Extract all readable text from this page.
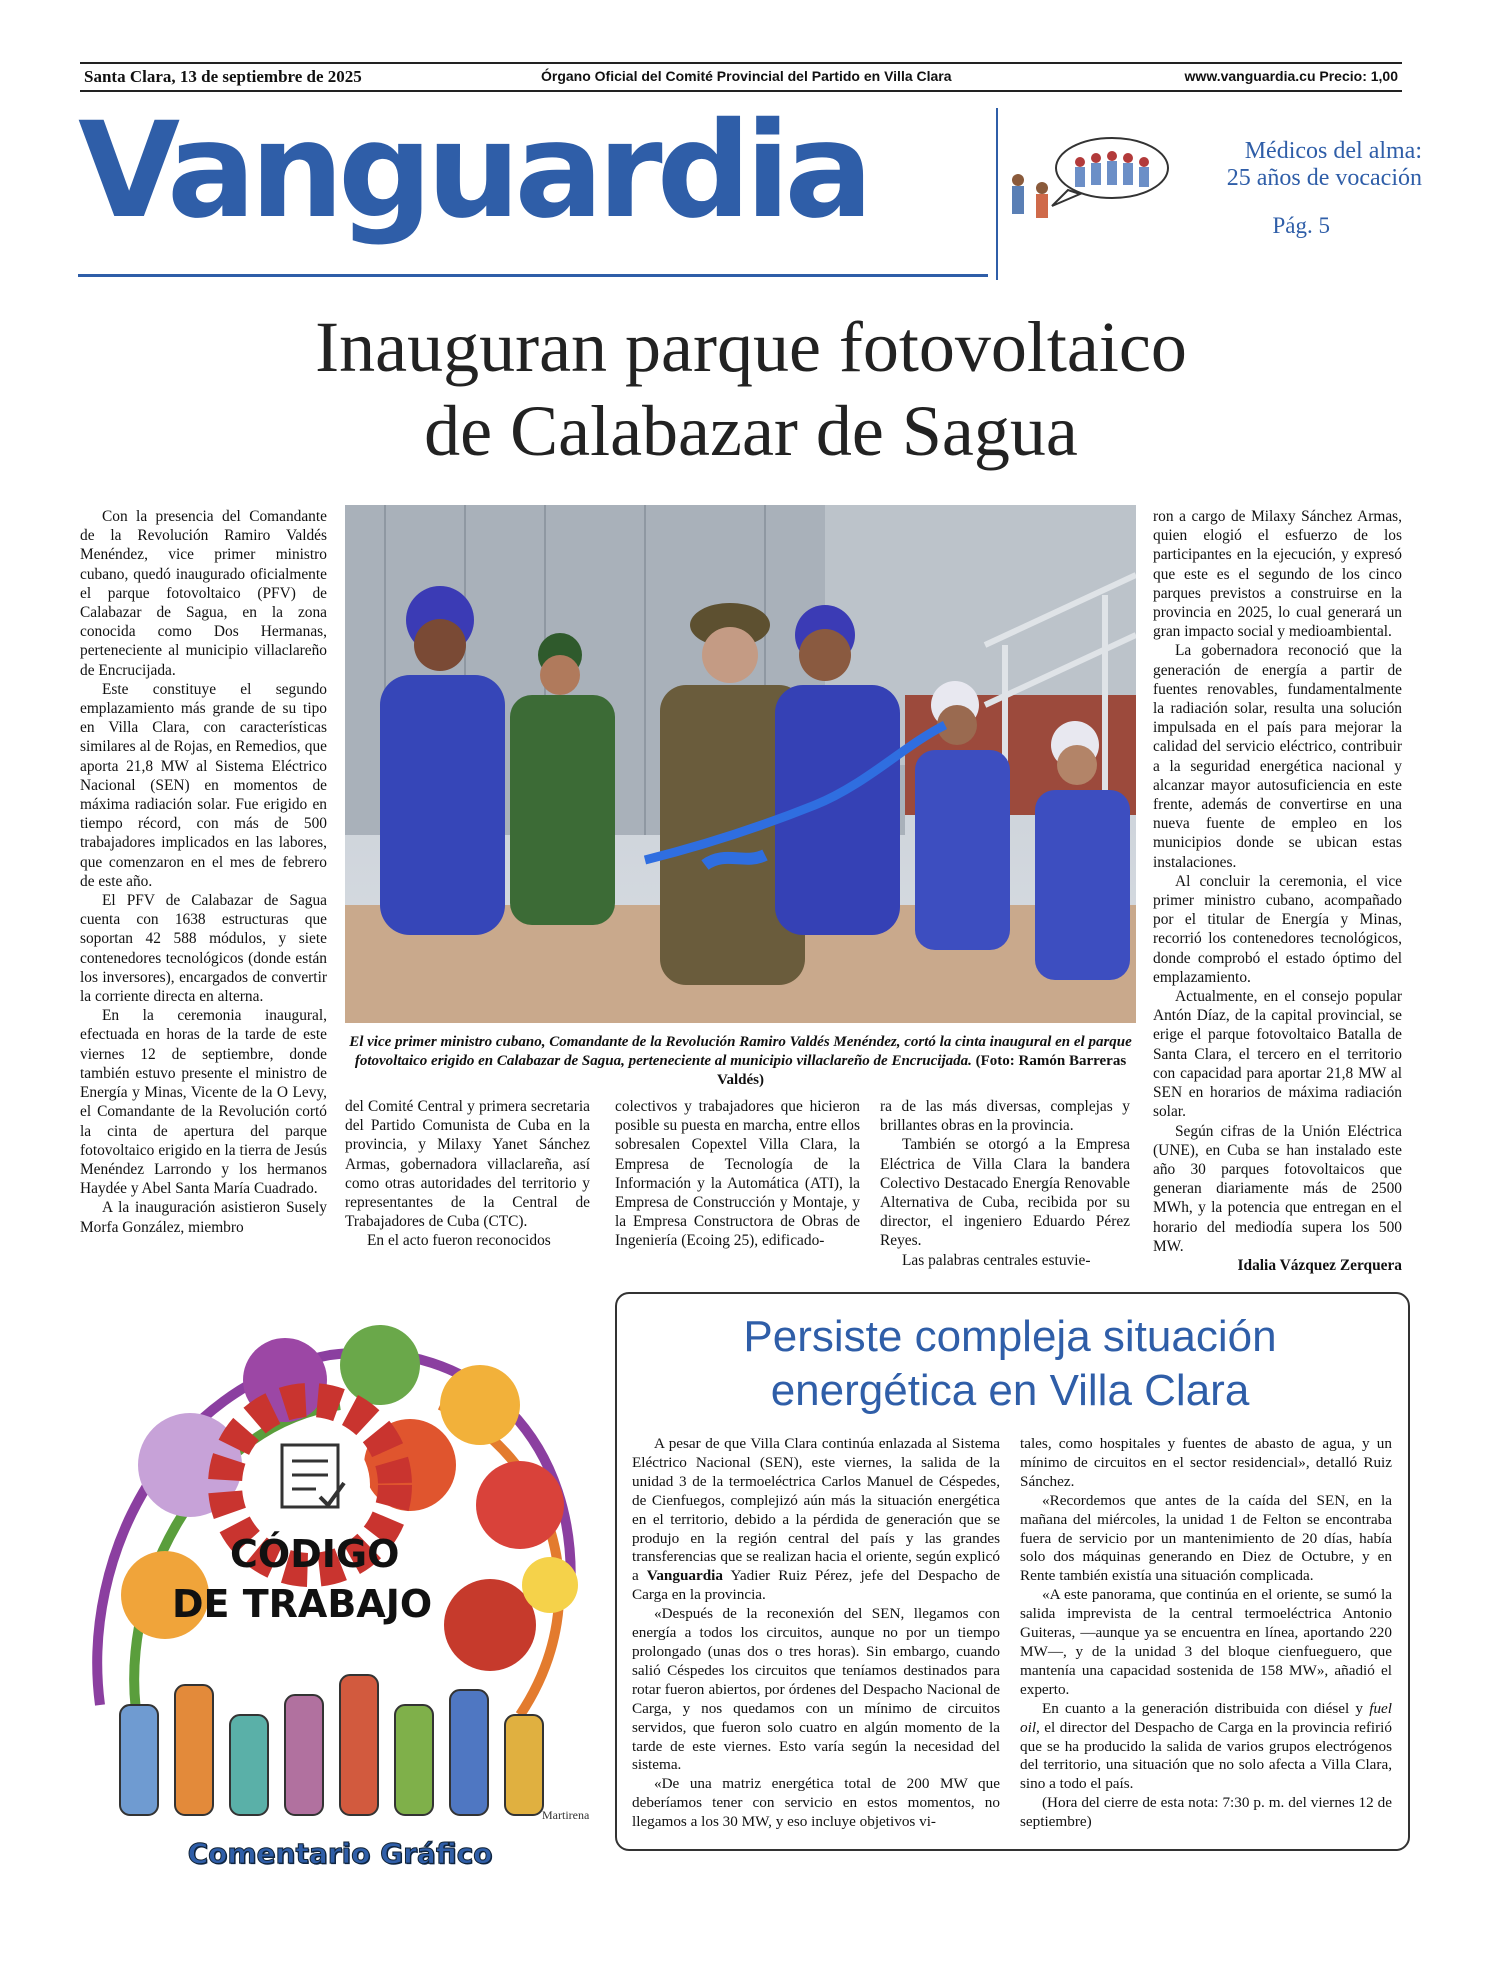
Santa Clara, 13 de septiembre de 2025	Órgano Oficial del Comité Provincial del Partido en Villa Clara	www.vanguardia.cu Precio: 1,00
Vanguardia	Médicos del alma:
25 años de vocación
Pág. 5
Inauguran parque fotovoltaico
de Calabazar de Sagua

Con la presencia del Comandante de la Revolución Ramiro Valdés Menéndez, vice primer ministro cubano, quedó inaugurado oficialmente el parque fotovoltaico (PFV) de Calabazar de Sagua, en la zona conocida como Dos Hermanas, perteneciente al municipio villaclareño de Encrucijada.

Este constituye el segundo emplazamiento más grande de su tipo en Villa Clara, con características similares al de Rojas, en Remedios, que aporta 21,8 MW al Sistema Eléctrico Nacional (SEN) en momentos de máxima radiación solar. Fue erigido en tiempo récord, con más de 500 trabajadores implicados en las labores, que comenzaron en el mes de febrero de este año.

El PFV de Calabazar de Sagua cuenta con 1638 estructuras que soportan 42 588 módulos, y siete contenedores tecnológicos (donde están los inversores), encargados de convertir la corriente directa en alterna.

En la ceremonia inaugural, efectuada en horas de la tarde de este viernes 12 de septiembre, donde también estuvo presente el ministro de Energía y Minas, Vicente de la O Levy, el Comandante de la Revolución cortó la cinta de apertura del parque fotovoltaico erigido en la tierra de Jesús Menéndez Larrondo y los hermanos Haydée y Abel Santa María Cuadrado.

A la inauguración asistieron Susely Morfa González, miembro

El vice primer ministro cubano, Comandante de la Revolución Ramiro Valdés Menéndez, cortó la cinta inaugural en el parque fotovoltaico erigido en Calabazar de Sagua, perteneciente al municipio villaclareño de Encrucijada. (Foto: Ramón Barreras Valdés)

del Comité Central y primera secretaria del Partido Comunista de Cuba en la provincia, y Milaxy Yanet Sánchez Armas, gobernadora villaclareña, así como otras autoridades del territorio y representantes de la Central de Trabajadores de Cuba (CTC).

En el acto fueron reconocidos

colectivos y trabajadores que hicieron posible su puesta en marcha, entre ellos sobresalen Copextel Villa Clara, la Empresa de Tecnología de la Información y la Automática (ATI), la Empresa de Construcción y Montaje, y la Empresa Constructora de Obras de Ingeniería (Ecoing 25), edificado-

ra de las más diversas, complejas y brillantes obras en la provincia.

También se otorgó a la Empresa Eléctrica de Villa Clara la bandera Colectivo Destacado Energía Renovable Alternativa de Cuba, recibida por su director, el ingeniero Eduardo Pérez Reyes.

Las palabras centrales estuvie-

ron a cargo de Milaxy Sánchez Armas, quien elogió el esfuerzo de los participantes en la ejecución, y expresó que este es el segundo de los cinco parques previstos a construirse en la provincia en 2025, lo cual generará un gran impacto social y medioambiental.

La gobernadora reconoció que la generación de energía a partir de fuentes renovables, fundamentalmente la radiación solar, resulta una solución impulsada en el país para mejorar la calidad del servicio eléctrico, contribuir a la seguridad energética nacional y alcanzar mayor autosuficiencia en este frente, además de convertirse en una nueva fuente de empleo en los municipios donde se ubican estas instalaciones.

Al concluir la ceremonia, el vice primer ministro cubano, acompañado por el titular de Energía y Minas, recorrió los contenedores tecnológicos, donde comprobó el estado óptimo del emplazamiento.

Actualmente, en el consejo popular Antón Díaz, de la capital provincial, se erige el parque fotovoltaico Batalla de Santa Clara, el tercero en el territorio con capacidad para aportar 21,8 MW al SEN en horarios de máxima radiación solar.

Según cifras de la Unión Eléctrica (UNE), en Cuba se han instalado este año 30 parques fotovoltaicos que generan diariamente más de 2500 MWh, y la potencia que entregan en el horario del mediodía supera los 500 MW.

Idalia Vázquez Zerquera
CÓDIGO
DE TRABAJO
Martirena
Comentario Gráfico
Persiste compleja situación
energética en Villa Clara

A pesar de que Villa Clara continúa enlazada al Sistema Eléctrico Nacional (SEN), este viernes, la salida de la unidad 3 de la termoeléctrica Carlos Manuel de Céspedes, de Cienfuegos, complejizó aún más la situación energética en el territorio, debido a la pérdida de generación que se produjo en la región central del país y las grandes transferencias que se realizan hacia el oriente, según explicó a Vanguardia Yadier Ruiz Pérez, jefe del Despacho de Carga en la provincia.

«Después de la reconexión del SEN, llegamos con energía a todos los circuitos, aunque no por un tiempo prolongado (unas dos o tres horas). Sin embargo, cuando salió Céspedes los circuitos que teníamos destinados para rotar fueron abiertos, por órdenes del Despacho Nacional de Carga, y nos quedamos con un mínimo de circuitos servidos, que fueron solo cuatro en algún momento de la tarde de este viernes. Esto varía según la necesidad del sistema.

«De una matriz energética total de 200 MW que deberíamos tener con servicio en estos momentos, no llegamos a los 30 MW, y eso incluye objetivos vi-

tales, como hospitales y fuentes de abasto de agua, y un mínimo de circuitos en el sector residencial», detalló Ruiz Sánchez.

«Recordemos que antes de la caída del SEN, en la mañana del miércoles, la unidad 1 de Felton se encontraba fuera de servicio por un mantenimiento de 20 días, había solo dos máquinas generando en Diez de Octubre, y en Rente también existía una situación complicada.

«A este panorama, que continúa en el oriente, se sumó la salida imprevista de la central termoeléctrica Antonio Guiteras, —aunque ya se encuentra en línea, aportando 220 MW—, y de la unidad 3 del bloque cienfueguero, que mantenía una capacidad sostenida de 158 MW», añadió el experto.

En cuanto a la generación distribuida con diésel y fuel oil, el director del Despacho de Carga en la provincia refirió que se ha producido la salida de varios grupos electrógenos del territorio, una situación que no solo afecta a Villa Clara, sino a todo el país.

(Hora del cierre de esta nota: 7:30 p. m. del viernes 12 de septiembre)
